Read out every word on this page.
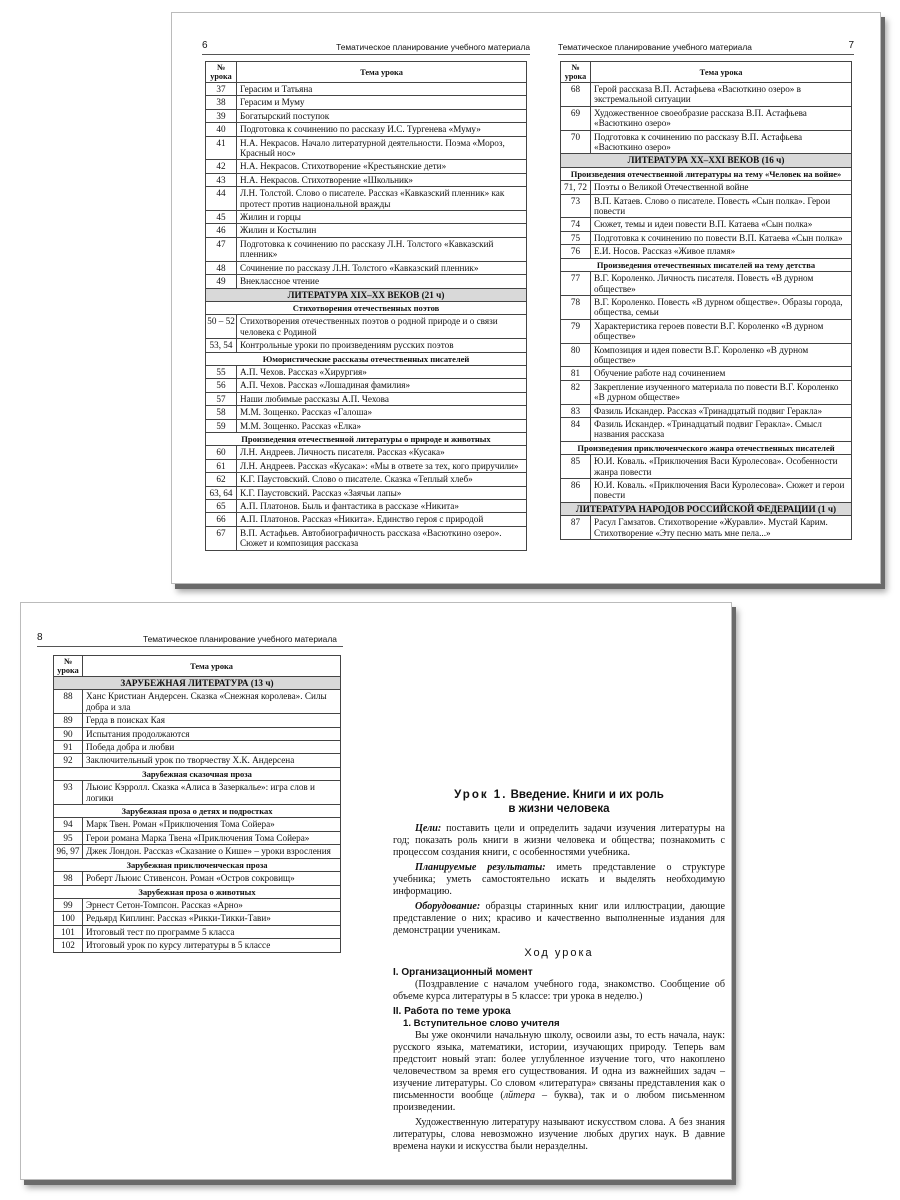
6	Тематическое планирование учебного материала
№ урока	Тема урока
37	Герасим и Татьяна
38	Герасим и Муму
39	Богатырский поступок
40	Подготовка к сочинению по рассказу И.С. Тургенева «Муму»
41	Н.А. Некрасов. Начало литературной деятельности. Поэма «Мороз, Красный нос»
42	Н.А. Некрасов. Стихотворение «Крестьянские дети»
43	Н.А. Некрасов. Стихотворение «Школьник»
44	Л.Н. Толстой. Слово о писателе. Рассказ «Кавказский пленник» как протест против национальной вражды
45	Жилин и горцы
46	Жилин и Костылин
47	Подготовка к сочинению по рассказу Л.Н. Толстого «Кавказский пленник»
48	Сочинение по рассказу Л.Н. Толстого «Кавказский пленник»
49	Внеклассное чтение
ЛИТЕРАТУРА XIX–XX ВЕКОВ (21 ч)	
Стихотворения отечественных поэтов	
50 – 52	Стихотворения отечественных поэтов о родной природе и о связи человека с Родиной
53, 54	Контрольные уроки по произведениям русских поэтов
Юмористические рассказы отечественных писателей	
55	А.П. Чехов. Рассказ «Хирургия»
56	А.П. Чехов. Рассказ «Лошадиная фамилия»
57	Наши любимые рассказы А.П. Чехова
58	М.М. Зощенко. Рассказ «Галоша»
59	М.М. Зощенко. Рассказ «Елка»
Произведения отечественной литературы о природе и животных	
60	Л.Н. Андреев. Личность писателя. Рассказ «Кусака»
61	Л.Н. Андреев. Рассказ «Кусака»: «Мы в ответе за тех, кого приручили»
62	К.Г. Паустовский. Слово о писателе. Сказка «Теплый хлеб»
63, 64	К.Г. Паустовский. Рассказ «Заячьи лапы»
65	А.П. Платонов. Быль и фантастика в рассказе «Никита»
66	А.П. Платонов. Рассказ «Никита». Единство героя с природой
67	В.П. Астафьев. Автобиографичность рассказа «Васюткино озеро». Сюжет и композиция рассказа
Тематическое планирование учебного материала	7
№ урока	Тема урока
68	Герой рассказа В.П. Астафьева «Васюткино озеро» в экстремальной ситуации
69	Художественное своеобразие рассказа В.П. Астафьева «Васюткино озеро»
70	Подготовка к сочинению по рассказу В.П. Астафьева «Васюткино озеро»
ЛИТЕРАТУРА XX–XXI ВЕКОВ (16 ч)	
Произведения отечественной литературы на тему «Человек на войне»	
71, 72	Поэты о Великой Отечественной войне
73	В.П. Катаев. Слово о писателе. Повесть «Сын полка». Герои повести
74	Сюжет, темы и идеи повести В.П. Катаева «Сын полка»
75	Подготовка к сочинению по повести В.П. Катаева «Сын полка»
76	Е.И. Носов. Рассказ «Живое пламя»
Произведения отечественных писателей на тему детства	
77	В.Г. Короленко. Личность писателя. Повесть «В дурном обществе»
78	В.Г. Короленко. Повесть «В дурном обществе». Образы города, общества, семьи
79	Характеристика героев повести В.Г. Короленко «В дурном обществе»
80	Композиция и идея повести В.Г. Короленко «В дурном обществе»
81	Обучение работе над сочинением
82	Закрепление изученного материала по повести В.Г. Короленко «В дурном обществе»
83	Фазиль Искандер. Рассказ «Тринадцатый подвиг Геракла»
84	Фазиль Искандер. «Тринадцатый подвиг Геракла». Смысл названия рассказа
Произведения приключенческого жанра отечественных писателей	
85	Ю.И. Коваль. «Приключения Васи Куролесова». Особенности жанра повести
86	Ю.И. Коваль. «Приключения Васи Куролесова». Сюжет и герои повести
ЛИТЕРАТУРА НАРОДОВ РОССИЙСКОЙ ФЕДЕРАЦИИ (1 ч)	
87	Расул Гамзатов. Стихотворение «Журавли». Мустай Карим. Стихотворение «Эту песню мать мне пела...»
8	Тематическое планирование учебного материала
№ урока	Тема урока
ЗАРУБЕЖНАЯ ЛИТЕРАТУРА (13 ч)	
88	Ханс Кристиан Андерсен. Сказка «Снежная королева». Силы добра и зла
89	Герда в поисках Кая
90	Испытания продолжаются
91	Победа добра и любви
92	Заключительный урок по творчеству Х.К. Андерсена
Зарубежная сказочная проза	
93	Льюис Кэрролл. Сказка «Алиса в Зазеркалье»: игра слов и логики
Зарубежная проза о детях и подростках	
94	Марк Твен. Роман «Приключения Тома Сойера»
95	Герои романа Марка Твена «Приключения Тома Сойера»
96, 97	Джек Лондон. Рассказ «Сказание о Кише» – уроки взросления
Зарубежная приключенческая проза	
98	Роберт Льюис Стивенсон. Роман «Остров сокровищ»
Зарубежная проза о животных	
99	Эрнест Сетон-Томпсон. Рассказ «Арно»
100	Редьярд Киплинг. Рассказ «Рикки-Тикки-Тави»
101	Итоговый тест по программе 5 класса
102	Итоговый урок по курсу литературы в 5 классе
Урок 1. Введение. Книги и их роль
в жизни человека

Цели: поставить цели и определить задачи изучения литературы на год; показать роль книги в жизни человека и общества; познакомить с процессом создания книги, с особенностями учебника.

Планируемые результаты: иметь представление о структуре учебника; уметь самостоятельно искать и выделять необходимую информацию.

Оборудование: образцы старинных книг или иллюстрации, дающие представление о них; красиво и качественно выполненные издания для демонстрации ученикам.

Ход урока
I. Организационный момент

(Поздравление с началом учебного года, знакомство. Сообщение об объеме курса литературы в 5 классе: три урока в неделю.)

II. Работа по теме урока
1. Вступительное слово учителя

Вы уже окончили начальную школу, освоили азы, то есть начала, наук: русского языка, математики, истории, изучающих природу. Теперь вам предстоит новый этап: более углубленное изучение того, что накоплено человечеством за время его существования. И одна из важнейших задач – изучение литературы. Со словом «литература» связаны представления как о письменности вообще (лйтера – буква), так и о любом письменном произведении.

Художественную литературу называют искусством слова. А без знания литературы, слова невозможно изучение любых других наук. В давние времена науки и искусства были неразделны.
